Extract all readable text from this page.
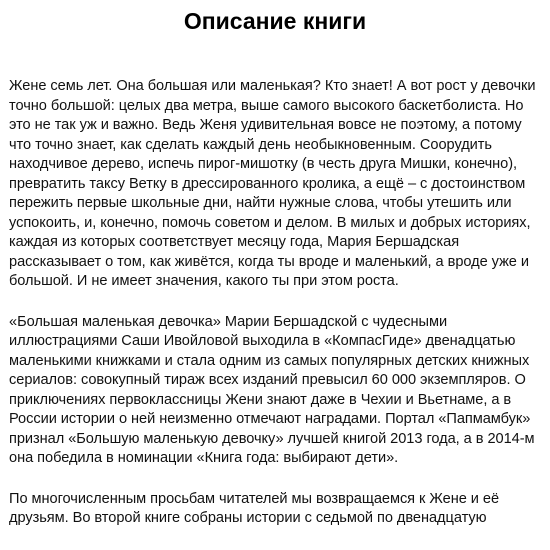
Описание книги

Жене семь лет. Она большая или маленькая? Кто знает! А вот рост у девочки точно большой: целых два метра, выше самого высокого баскетболиста. Но это не так уж и важно. Ведь Женя удивительная вовсе не поэтому, а потому что точно знает, как сделать каждый день необыкновенным. Соорудить находчивое дерево, испечь пирог-мишотку (в честь друга Мишки, конечно), превратить таксу Ветку в дрессированного кролика, а ещё – с достоинством пережить первые школьные дни, найти нужные слова, чтобы утешить или успокоить, и, конечно, помочь советом и делом. В милых и добрых историях, каждая из которых соответствует месяцу года, Мария Бершадская рассказывает о том, как живётся, когда ты вроде и маленький, а вроде уже и большой. И не имеет значения, какого ты при этом роста.

«Большая маленькая девочка» Марии Бершадской с чудесными иллюстрациями Саши Ивойловой выходила в «КомпасГиде» двенадцатью маленькими книжками и стала одним из самых популярных детских книжных сериалов: совокупный тираж всех изданий превысил 60 000 экземпляров. О приключениях первоклассницы Жени знают даже в Чехии и Вьетнаме, а в России истории о ней неизменно отмечают наградами. Портал «Папмамбук» признал «Большую маленькую девочку» лучшей книгой 2013 года, а в 2014-м она победила в номинации «Книга года: выбирают дети».

По многочисленным просьбам читателей мы возвращаемся к Жене и её друзьям. Во второй книге собраны истории с седьмой по двенадцатую
